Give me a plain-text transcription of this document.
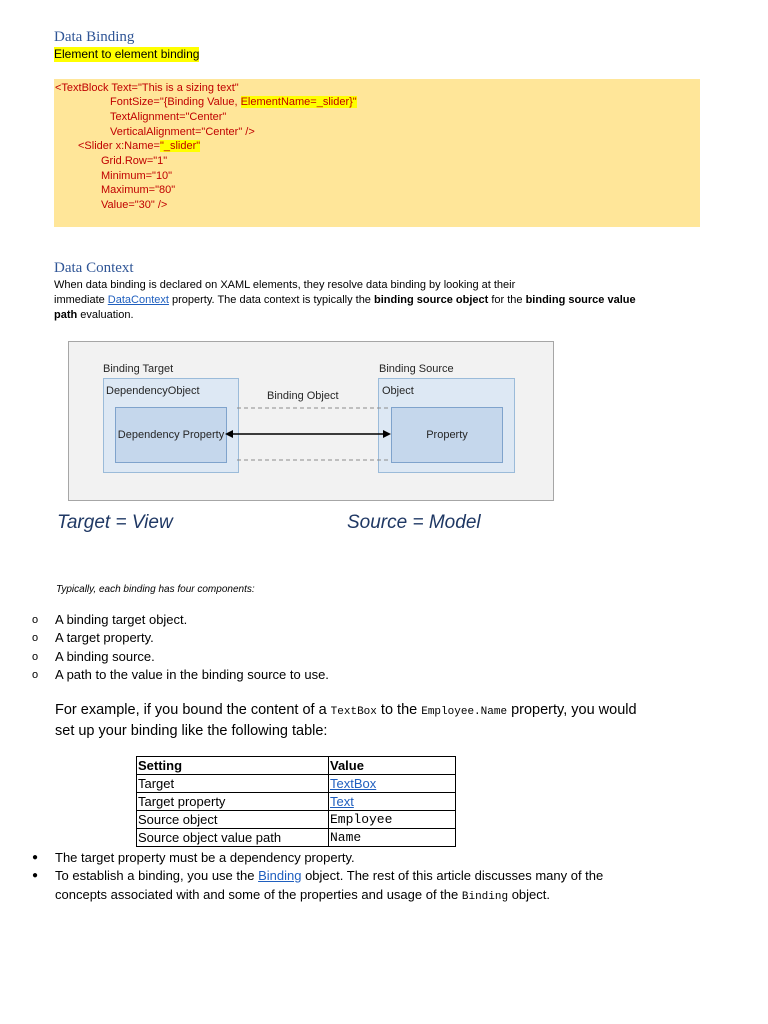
Data Binding
Element to element binding
<TextBlock Text="This is a sizing text"
FontSize="{Binding Value, ElementName=_slider}"
TextAlignment="Center"
VerticalAlignment="Center" />
<Slider x:Name="_slider"
Grid.Row="1"
Minimum="10"
Maximum="80"
Value="30" />
Data Context
When data binding is declared on XAML elements, they resolve data binding by looking at their
immediate DataContext property. The data context is typically the binding source object for the binding source value
path evaluation.
Binding Target
DependencyObject
Dependency Property
Binding Object
Binding Source
Object
Property
Target = View	Source = Model
Typically, each binding has four components:
o A binding target object.
o A target property.
o A binding source.
o A path to the value in the binding source to use.
For example, if you bound the content of a TextBox to the Employee.Name property, you would
set up your binding like the following table:
Setting	Value
Target	TextBox
Target property	Text
Source object	Employee
Source object value path	Name
● The target property must be a dependency property.
● To establish a binding, you use the Binding object. The rest of this article discusses many of the
concepts associated with and some of the properties and usage of the Binding object.
